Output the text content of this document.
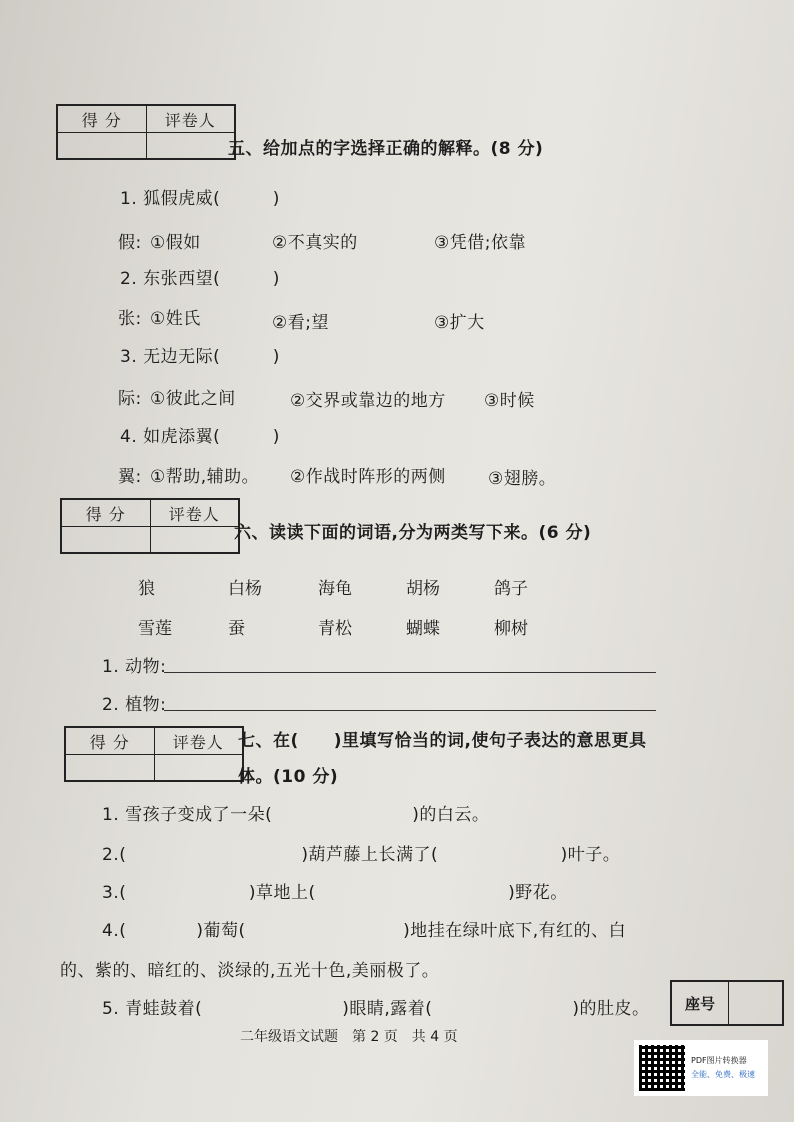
得 分	评卷人
五、给加点的字选择正确的解释。(8 分)
1. 狐假虎威(　　　)
假: ①假如	②不真实的	③凭借;依靠
2. 东张西望(　　　)
张: ①姓氏	②看;望	③扩大
3. 无边无际(　　　)
际: ①彼此之间	②交界或靠边的地方 ③时候
4. 如虎添翼(　　　)
翼: ①帮助,辅助。 ②作战时阵形的两侧 ③翅膀。
得 分	评卷人
六、读读下面的词语,分为两类写下来。(6 分)
狼	白杨	海龟	胡杨	鸽子
雪莲	蚕	青松	蝴蝶	柳树
1. 动物:
2. 植物:
得 分	评卷人 七、在(　　)里填写恰当的词,使句子表达的意思更具
体。(10 分)
1. 雪孩子变成了一朵(　　　　　　　　)的白云。
2.(　　　　　　　　　　)葫芦藤上长满了(　　　　　　　)叶子。
3.(　　　　　　　)草地上(　　　　　　　　　　　)野花。
4.(　　　　)葡萄(　　　　　　　　　)地挂在绿叶底下,有红的、白
的、紫的、暗红的、淡绿的,五光十色,美丽极了。
5. 青蛙鼓着(　　　　　　　　)眼睛,露着(　　　　　　　　)的肚皮。	座号
二年级语文试题　第 2 页　共 4 页
PDF图片转换器
全能、免费、极速
